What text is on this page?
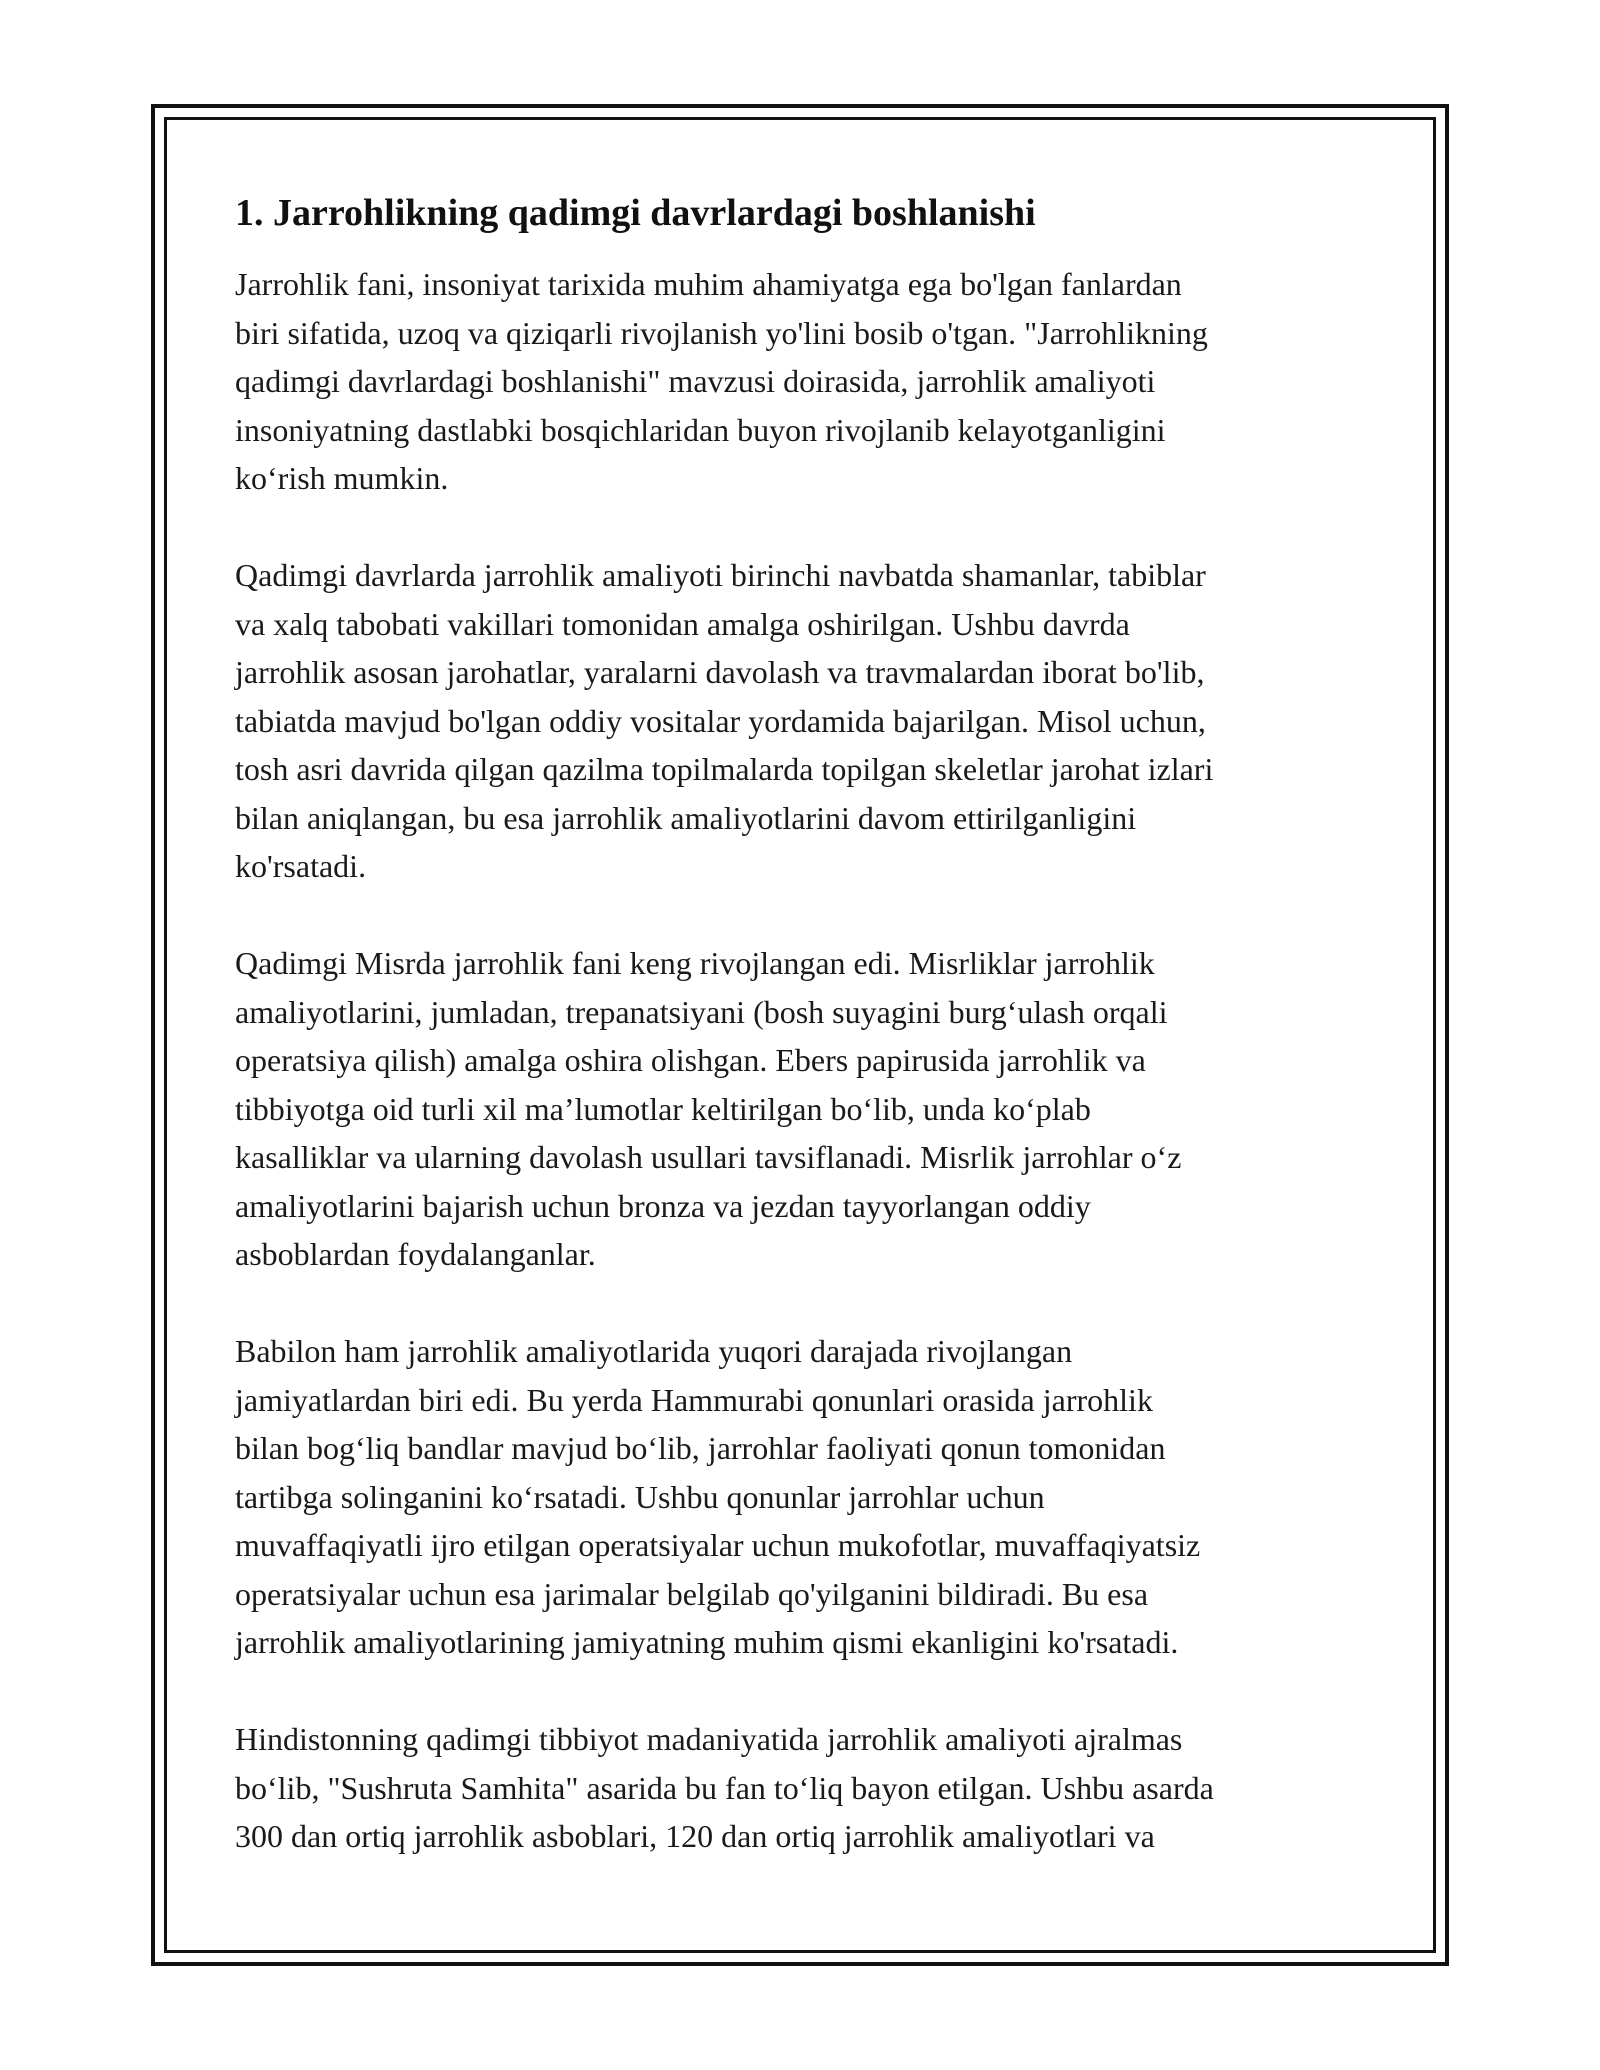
1. Jarrohlikning qadimgi davrlardagi boshlanishi
Jarrohlik fani, insoniyat tarixida muhim ahamiyatga ega bo'lgan fanlardan
biri sifatida, uzoq va qiziqarli rivojlanish yo'lini bosib o'tgan. "Jarrohlikning
qadimgi davrlardagi boshlanishi" mavzusi doirasida, jarrohlik amaliyoti
insoniyatning dastlabki bosqichlaridan buyon rivojlanib kelayotganligini
koʻrish mumkin.
Qadimgi davrlarda jarrohlik amaliyoti birinchi navbatda shamanlar, tabiblar
va xalq tabobati vakillari tomonidan amalga oshirilgan. Ushbu davrda
jarrohlik asosan jarohatlar, yaralarni davolash va travmalardan iborat bo'lib,
tabiatda mavjud bo'lgan oddiy vositalar yordamida bajarilgan. Misol uchun,
tosh asri davrida qilgan qazilma topilmalarda topilgan skeletlar jarohat izlari
bilan aniqlangan, bu esa jarrohlik amaliyotlarini davom ettirilganligini
ko'rsatadi.
Qadimgi Misrda jarrohlik fani keng rivojlangan edi. Misrliklar jarrohlik
amaliyotlarini, jumladan, trepanatsiyani (bosh suyagini burgʻulash orqali
operatsiya qilish) amalga oshira olishgan. Ebers papirusida jarrohlik va
tibbiyotga oid turli xil maʼlumotlar keltirilgan boʻlib, unda koʻplab
kasalliklar va ularning davolash usullari tavsiflanadi. Misrlik jarrohlar oʻz
amaliyotlarini bajarish uchun bronza va jezdan tayyorlangan oddiy
asboblardan foydalanganlar.
Babilon ham jarrohlik amaliyotlarida yuqori darajada rivojlangan
jamiyatlardan biri edi. Bu yerda Hammurabi qonunlari orasida jarrohlik
bilan bogʻliq bandlar mavjud boʻlib, jarrohlar faoliyati qonun tomonidan
tartibga solinganini koʻrsatadi. Ushbu qonunlar jarrohlar uchun
muvaffaqiyatli ijro etilgan operatsiyalar uchun mukofotlar, muvaffaqiyatsiz
operatsiyalar uchun esa jarimalar belgilab qo'yilganini bildiradi. Bu esa
jarrohlik amaliyotlarining jamiyatning muhim qismi ekanligini ko'rsatadi.
Hindistonning qadimgi tibbiyot madaniyatida jarrohlik amaliyoti ajralmas
boʻlib, "Sushruta Samhita" asarida bu fan toʻliq bayon etilgan. Ushbu asarda
300 dan ortiq jarrohlik asboblari, 120 dan ortiq jarrohlik amaliyotlari va
